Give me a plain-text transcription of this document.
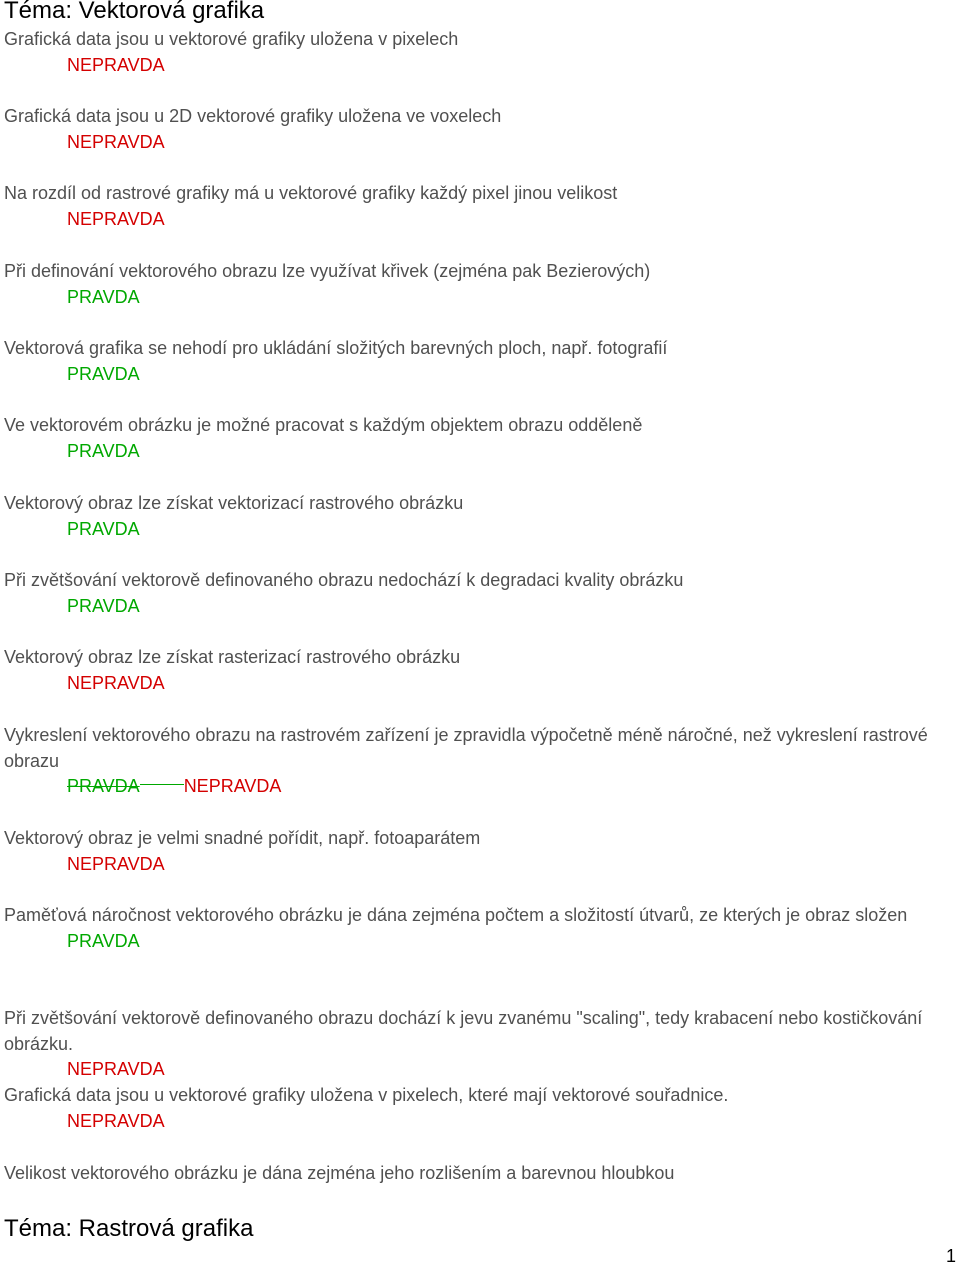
Téma: Vektorová grafika

Grafická data jsou u vektorové grafiky uložena v pixelech

NEPRAVDA

Grafická data jsou u 2D vektorové grafiky uložena ve voxelech

NEPRAVDA

Na rozdíl od rastrové grafiky má u vektorové grafiky každý pixel jinou velikost

NEPRAVDA

Při definování vektorového obrazu lze využívat křivek (zejména pak Bezierových)

PRAVDA

Vektorová grafika se nehodí pro ukládání složitých barevných ploch, např. fotografií

PRAVDA

Ve vektorovém obrázku je možné pracovat s každým objektem obrazu odděleně

PRAVDA

Vektorový obraz lze získat vektorizací rastrového obrázku

PRAVDA

Při zvětšování vektorově definovaného obrazu nedochází k degradaci kvality obrázku

PRAVDA

Vektorový obraz lze získat rasterizací rastrového obrázku

NEPRAVDA

Vykreslení vektorového obrazu na rastrovém zařízení je zpravidla výpočetně méně náročné, než vykreslení rastrové obrazu

PRAVDA NEPRAVDA

Vektorový obraz je velmi snadné pořídit, např. fotoaparátem

NEPRAVDA

Paměťová náročnost vektorového obrázku je dána zejména počtem a složitostí útvarů, ze kterých je obraz složen

PRAVDA

Při zvětšování vektorově definovaného obrazu dochází k jevu zvanému "scaling", tedy krabacení nebo kostičkování obrázku.

NEPRAVDA

Grafická data jsou u vektorové grafiky uložena v pixelech, které mají vektorové souřadnice.

NEPRAVDA

Velikost vektorového obrázku je dána zejména jeho rozlišením a barevnou hloubkou

Téma: Rastrová grafika
1
